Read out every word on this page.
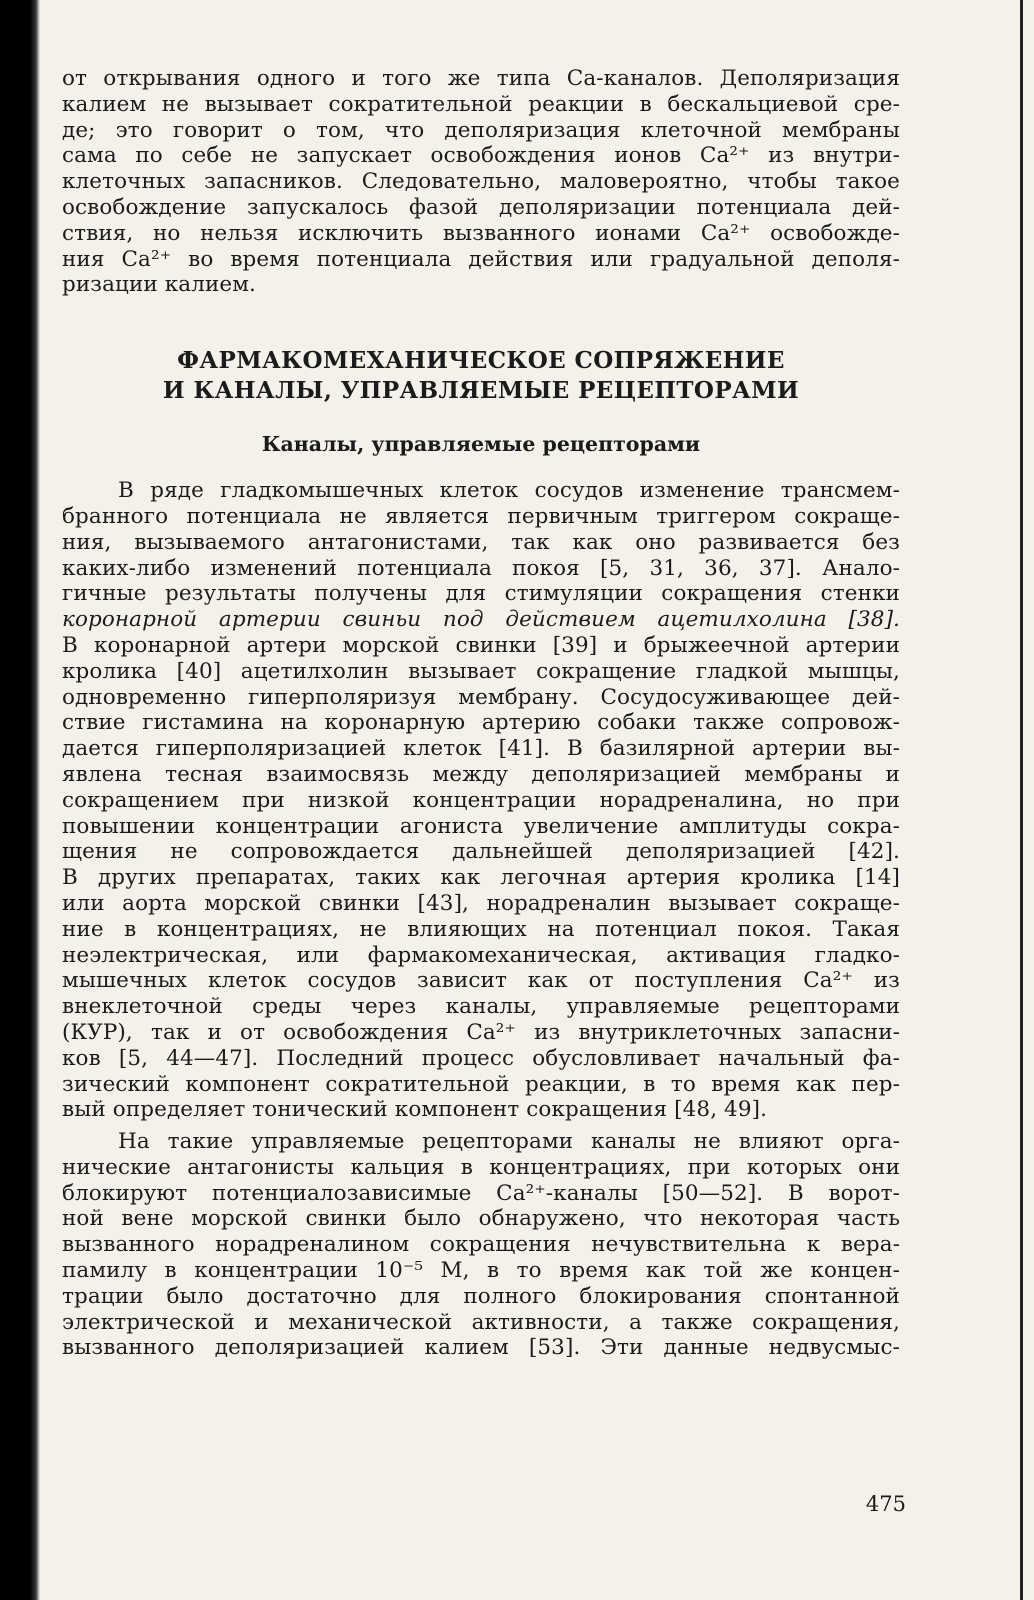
от открывания одного и того же типа Са-каналов. Деполяризация
калием не вызывает сократительной реакции в бескальциевой сре-
де; это говорит о том, что деполяризация клеточной мембраны
сама по себе не запускает освобождения ионов Са²⁺ из внутри-
клеточных запасников. Следовательно, маловероятно, чтобы такое
освобождение запускалось фазой деполяризации потенциала дей-
ствия, но нельзя исключить вызванного ионами Са²⁺ освобожде-
ния Са²⁺ во время потенциала действия или градуальной деполя-
ризации калием.
ФАРМАКОМЕХАНИЧЕСКОЕ СОПРЯЖЕНИЕ
И КАНАЛЫ, УПРАВЛЯЕМЫЕ РЕЦЕПТОРАМИ
Каналы, управляемые рецепторами
В ряде гладкомышечных клеток сосудов изменение трансмем-
бранного потенциала не является первичным триггером сокраще-
ния, вызываемого антагонистами, так как оно развивается без
каких-либо изменений потенциала покоя [5, 31, 36, 37]. Анало-
гичные результаты получены для стимуляции сокращения стенки
коронарной артерии свиньи под действием ацетилхолина [38].
В коронарной артери морской свинки [39] и брыжеечной артерии
кролика [40] ацетилхолин вызывает сокращение гладкой мышцы,
одновременно гиперполяризуя мембрану. Сосудосуживающее дей-
ствие гистамина на коронарную артерию собаки также сопровож-
дается гиперполяризацией клеток [41]. В базилярной артерии вы-
явлена тесная взаимосвязь между деполяризацией мембраны и
сокращением при низкой концентрации норадреналина, но при
повышении концентрации агониста увеличение амплитуды сокра-
щения не сопровождается дальнейшей деполяризацией [42].
В других препаратах, таких как легочная артерия кролика [14]
или аорта морской свинки [43], норадреналин вызывает сокраще-
ние в концентрациях, не влияющих на потенциал покоя. Такая
неэлектрическая, или фармакомеханическая, активация гладко-
мышечных клеток сосудов зависит как от поступления Са²⁺ из
внеклеточной среды через каналы, управляемые рецепторами
(КУР), так и от освобождения Са²⁺ из внутриклеточных запасни-
ков [5, 44—47]. Последний процесс обусловливает начальный фа-
зический компонент сократительной реакции, в то время как пер-
вый определяет тонический компонент сокращения [48, 49].
На такие управляемые рецепторами каналы не влияют орга-
нические антагонисты кальция в концентрациях, при которых они
блокируют потенциалозависимые Са²⁺-каналы [50—52]. В ворот-
ной вене морской свинки было обнаружено, что некоторая часть
вызванного норадреналином сокращения нечувствительна к вера-
памилу в концентрации 10⁻⁵ М, в то время как той же концен-
трации было достаточно для полного блокирования спонтанной
электрической и механической активности, а также сокращения,
вызванного деполяризацией калием [53]. Эти данные недвусмыс-
475
